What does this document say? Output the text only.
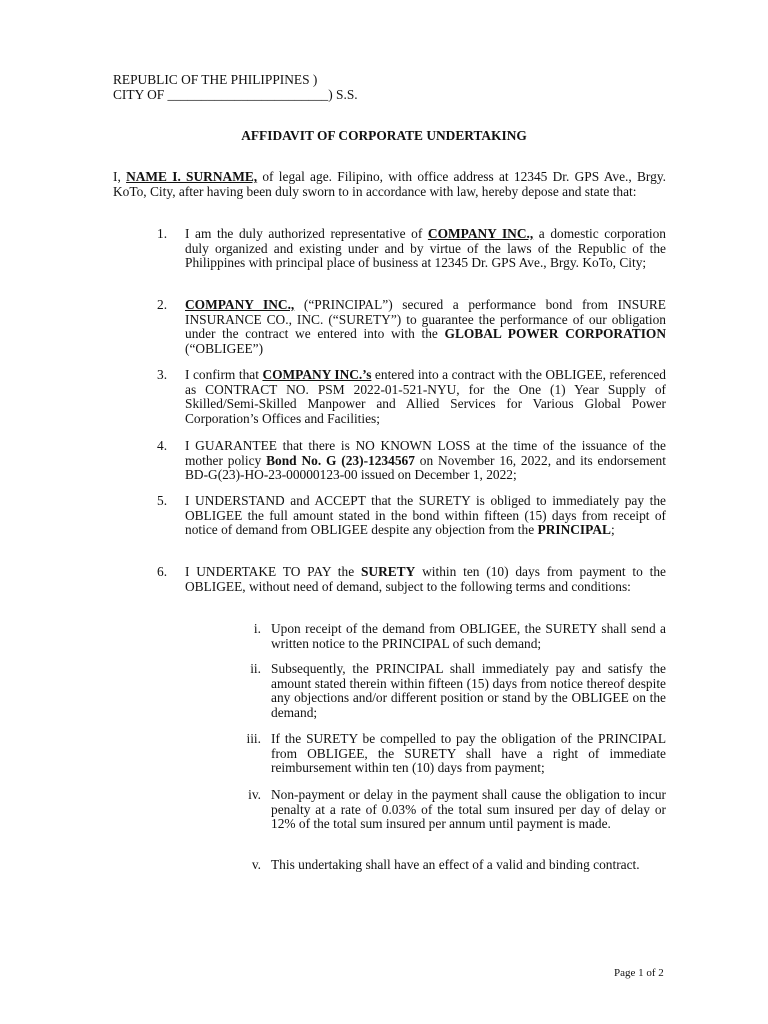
REPUBLIC OF THE PHILIPPINES )
CITY OF ________________________) S.S.
AFFIDAVIT OF CORPORATE UNDERTAKING
I, NAME I. SURNAME, of legal age. Filipino, with office address at 12345 Dr. GPS Ave., Brgy. KoTo, City, after having been duly sworn to in accordance with law, hereby depose and state that:
1.	I am the duly authorized representative of COMPANY INC., a domestic corporation duly organized and existing under and by virtue of the laws of the Republic of the Philippines with principal place of business at 12345 Dr. GPS Ave., Brgy. KoTo, City;
2.	COMPANY INC., (“PRINCIPAL”) secured a performance bond from INSURE INSURANCE CO., INC. (“SURETY”) to guarantee the performance of our obligation under the contract we entered into with the GLOBAL POWER CORPORATION (“OBLIGEE”)
3.	I confirm that COMPANY INC.’s entered into a contract with the OBLIGEE, referenced as CONTRACT NO. PSM 2022-01-521-NYU, for the One (1) Year Supply of Skilled/Semi-Skilled Manpower and Allied Services for Various Global Power Corporation’s Offices and Facilities;
4.	I GUARANTEE that there is NO KNOWN LOSS at the time of the issuance of the mother policy Bond No. G (23)-1234567 on November 16, 2022, and its endorsement BD-G(23)-HO-23-00000123-00 issued on December 1, 2022;
5.	I UNDERSTAND and ACCEPT that the SURETY is obliged to immediately pay the OBLIGEE the full amount stated in the bond within fifteen (15) days from receipt of notice of demand from OBLIGEE despite any objection from the PRINCIPAL;
6.	I UNDERTAKE TO PAY the SURETY within ten (10) days from payment to the OBLIGEE, without need of demand, subject to the following terms and conditions:
i. Upon receipt of the demand from OBLIGEE, the SURETY shall send a written notice to the PRINCIPAL of such demand;
ii. Subsequently, the PRINCIPAL shall immediately pay and satisfy the amount stated therein within fifteen (15) days from notice thereof despite any objections and/or different position or stand by the OBLIGEE on the demand;
iii. If the SURETY be compelled to pay the obligation of the PRINCIPAL from OBLIGEE, the SURETY shall have a right of immediate reimbursement within ten (10) days from payment;
iv. Non-payment or delay in the payment shall cause the obligation to incur penalty at a rate of 0.03% of the total sum insured per day of delay or 12% of the total sum insured per annum until payment is made.
v. This undertaking shall have an effect of a valid and binding contract.
Page 1 of 2
